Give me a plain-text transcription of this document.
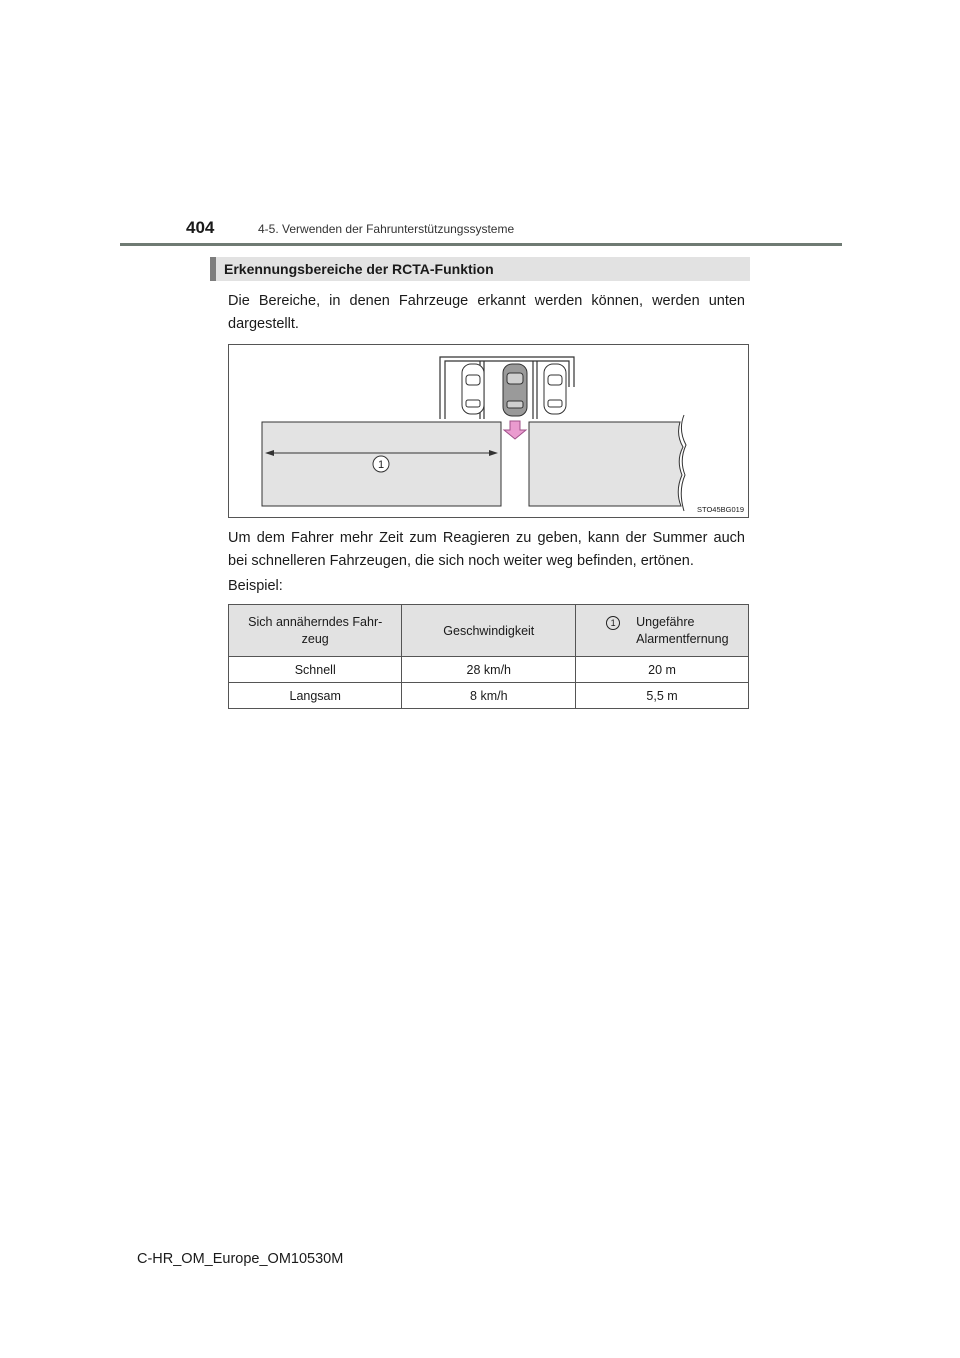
404	4-5. Verwenden der Fahrunterstützungssysteme
Erkennungsbereiche der RCTA-Funktion
Die Bereiche, in denen Fahrzeuge erkannt werden können, werden unten
dargestellt.
1
STO45BG019
Um dem Fahrer mehr Zeit zum Reagieren zu geben, kann der Summer auch
bei schnelleren Fahrzeugen, die sich noch weiter weg befinden, ertönen.
Beispiel:
Sich annäherndes Fahr- zeug	Geschwindigkeit	1 Ungefähre Alarmentfernung

Schnell	28 km/h	20 m
Langsam	8 km/h	5,5 m
C-HR_OM_Europe_OM10530M
